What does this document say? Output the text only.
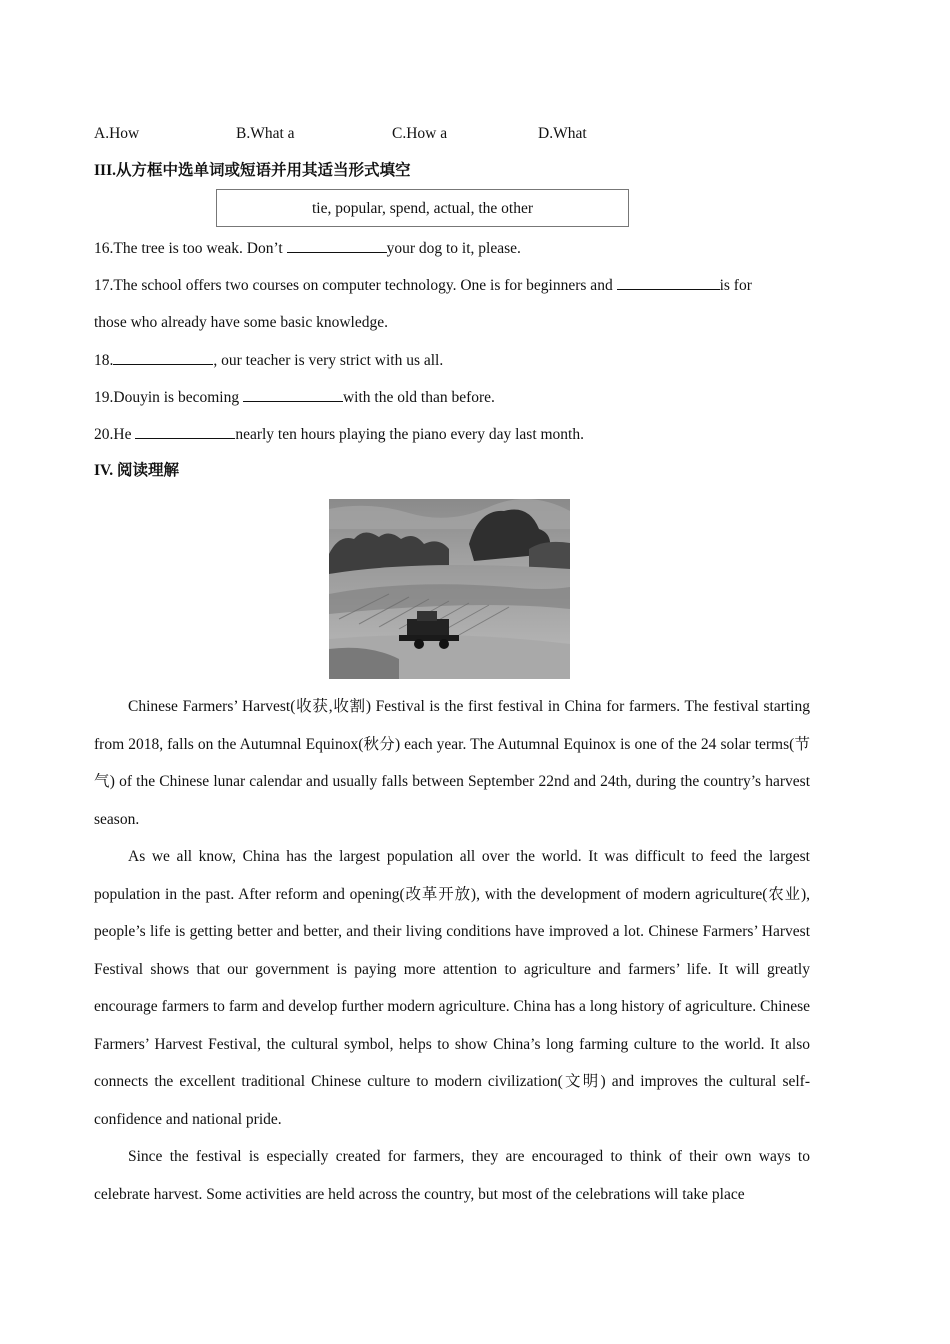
A.How	B.What a	C.How a	D.What
III.从方框中选单词或短语并用其适当形式填空
tie, popular, spend, actual, the other
16.The tree is too weak. Don’t	your dog to it, please.
17.The school offers two courses on computer technology. One is for beginners and	is for
those who already have some basic knowledge.
18.	, our teacher is very strict with us all.
19.Douyin is becoming	with the old than before.
20.He	nearly ten hours playing the piano every day last month.
IV. 阅读理解

Chinese Farmers’ Harvest(收获,收割) Festival is the first festival in China for farmers. The festival starting from 2018, falls on the Autumnal Equinox(秋分) each year. The Autumnal Equinox is one of the 24 solar terms(节气) of the Chinese lunar calendar and usually falls between September 22nd and 24th, during the country’s harvest season.

As we all know, China has the largest population all over the world. It was difficult to feed the largest population in the past. After reform and opening(改革开放), with the development of modern agriculture(农业), people’s life is getting better and better, and their living conditions have improved a lot. Chinese Farmers’ Harvest Festival shows that our government is paying more attention to agriculture and farmers’ life. It will greatly encourage farmers to farm and develop further modern agriculture. China has a long history of agriculture. Chinese Farmers’ Harvest Festival, the cultural symbol, helps to show China’s long farming culture to the world. It also connects the excellent traditional Chinese culture to modern civilization(文明) and improves the cultural self-confidence and national pride.

Since the festival is especially created for farmers, they are encouraged to think of their own ways to celebrate harvest. Some activities are held across the country, but most of the celebrations will take place
